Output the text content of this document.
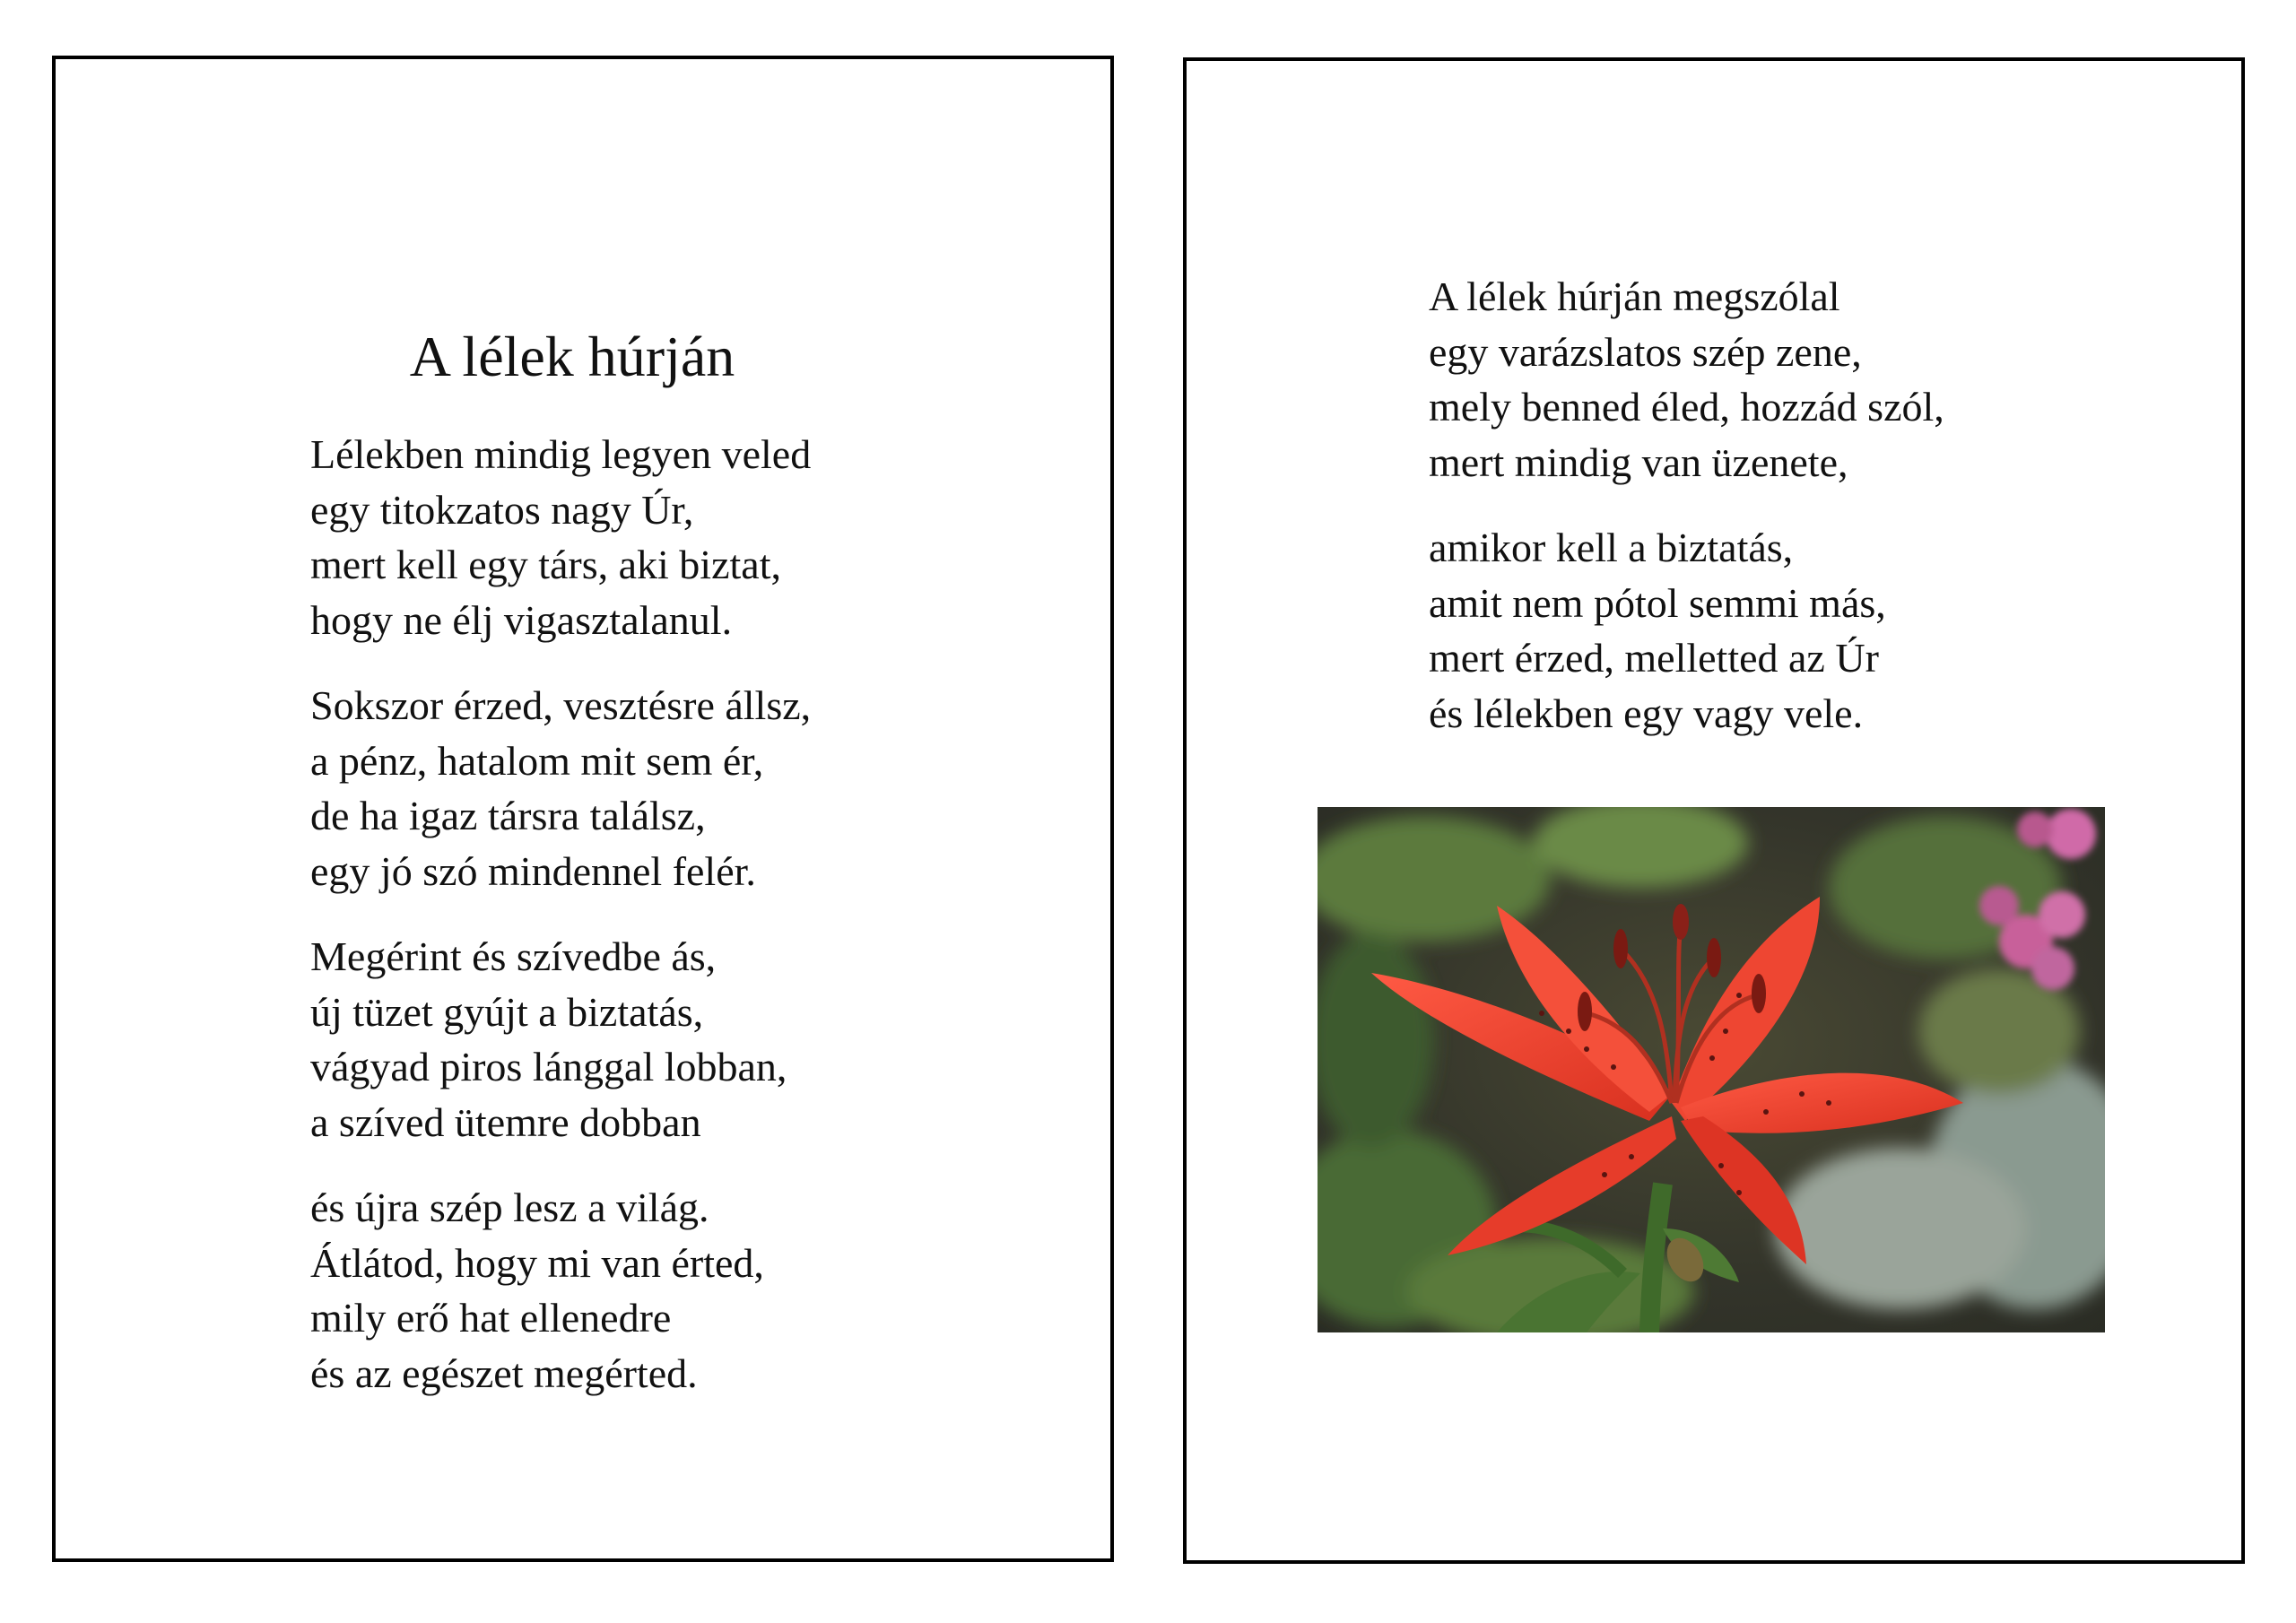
A lélek húrján

Lélekben mindig legyen veled
egy titokzatos nagy Úr,
mert kell egy társ, aki biztat,
hogy ne élj vigasztalanul.

Sokszor érzed, vesztésre állsz,
a pénz, hatalom mit sem ér,
de ha igaz társra találsz,
egy jó szó mindennel felér.

Megérint és szívedbe ás,
új tüzet gyújt a biztatás,
vágyad piros lánggal lobban,
a szíved ütemre dobban

és újra szép lesz a világ.
Átlátod, hogy mi van érted,
mily erő hat ellenedre
és az egészet megérted.

A lélek húrján megszólal
egy varázslatos szép zene,
mely benned éled, hozzád szól,
mert mindig van üzenete,

amikor kell a biztatás,
amit nem pótol semmi más,
mert érzed, melletted az Úr
és lélekben egy vagy vele.
